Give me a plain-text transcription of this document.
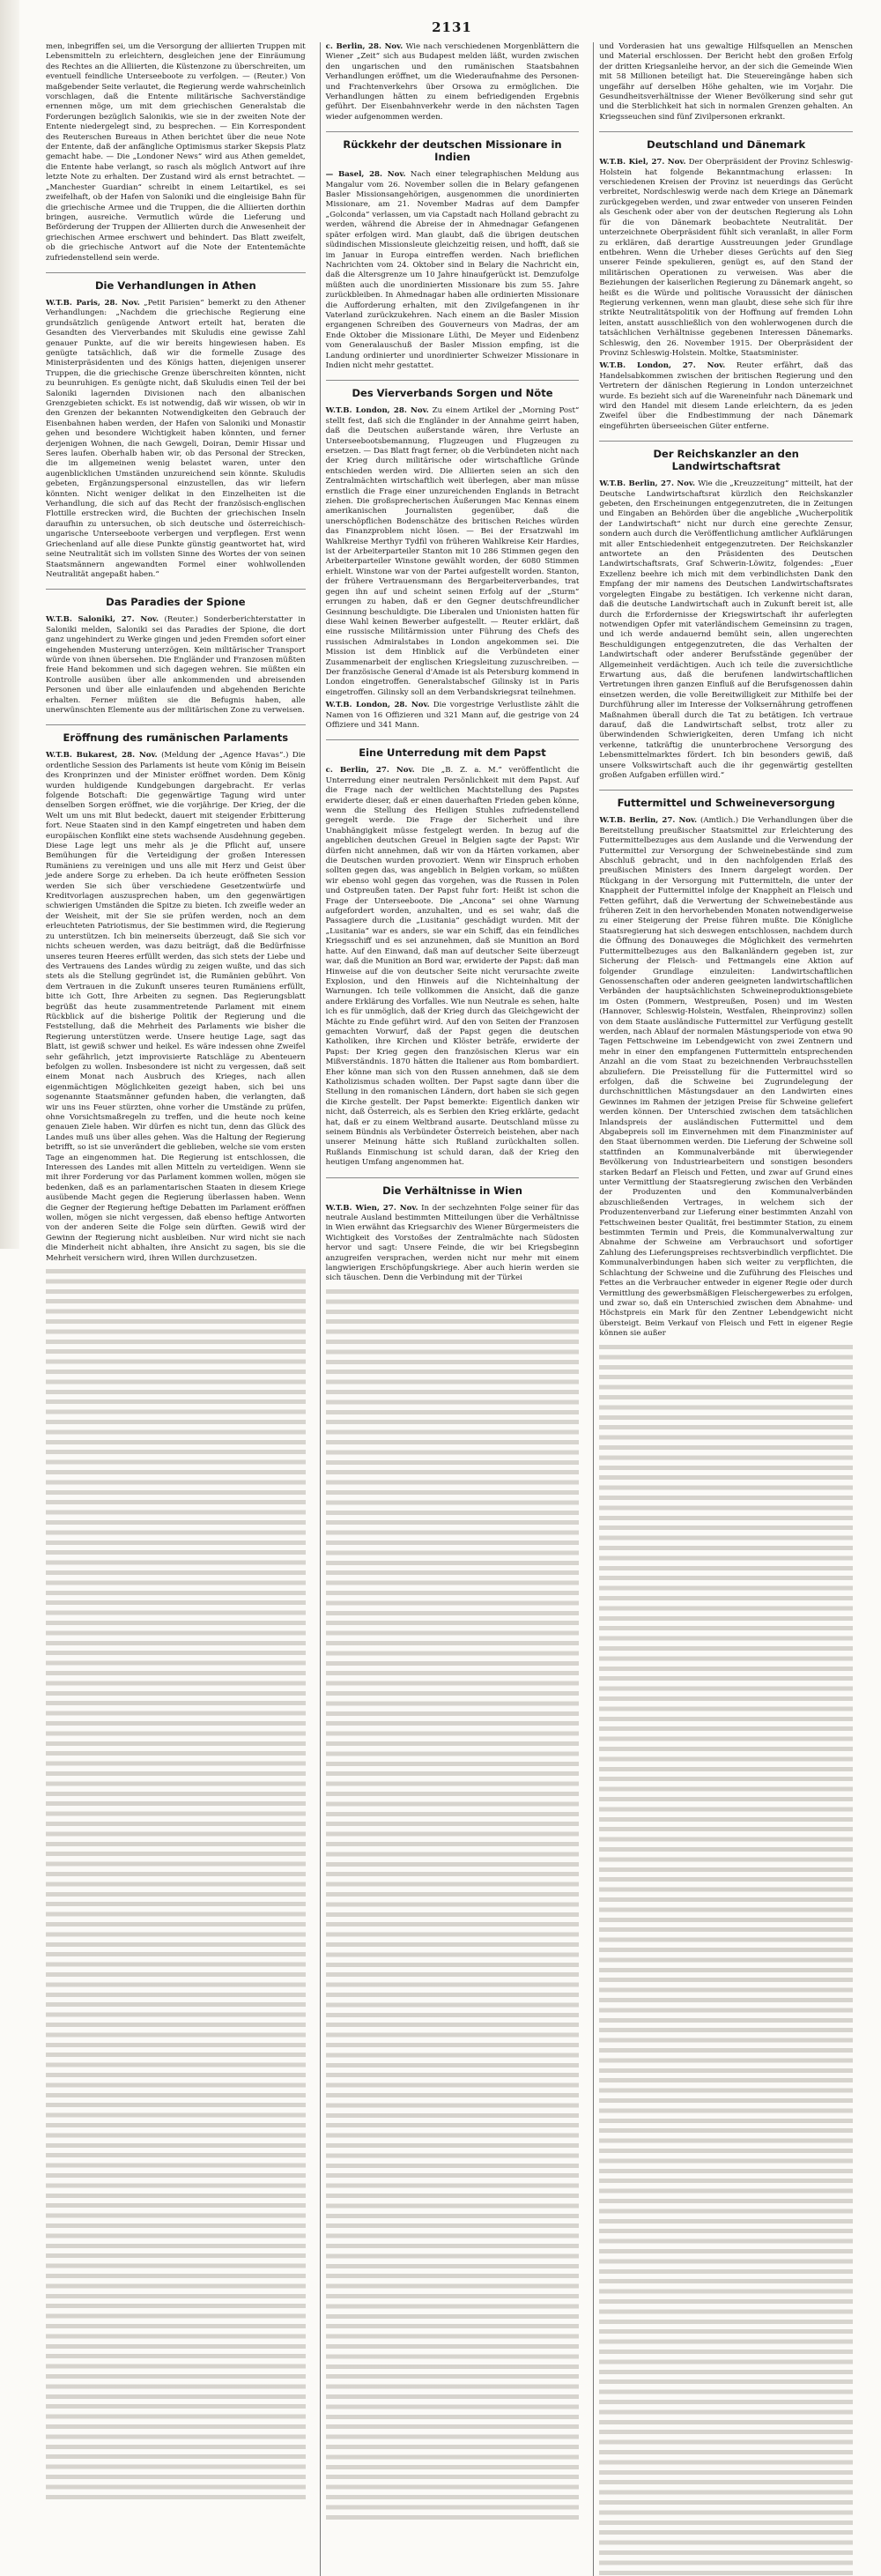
2131

men, inbegriffen sei, um die Versorgung der alliierten Truppen mit Lebensmitteln zu erleichtern, desgleichen jene der Einräumung des Rechtes an die Alliierten, die Küstenzone zu überschreiten, um eventuell feindliche Unterseeboote zu verfolgen. — (Reuter.) Von maßgebender Seite verlautet, die Regierung werde wahrscheinlich vorschlagen, daß die Entente militärische Sachverständige ernennen möge, um mit dem griechischen Generalstab die Forderungen bezüglich Salonikis, wie sie in der zweiten Note der Entente niedergelegt sind, zu besprechen. — Ein Korrespondent des Reuterschen Bureaus in Athen berichtet über die neue Note der Entente, daß der anfängliche Optimismus starker Skepsis Platz gemacht habe. — Die „Londoner News“ wird aus Athen gemeldet, die Entente habe verlangt, so rasch als möglich Antwort auf ihre letzte Note zu erhalten. Der Zustand wird als ernst betrachtet. — „Manchester Guardian“ schreibt in einem Leitartikel, es sei zweifelhaft, ob der Hafen von Saloniki und die eingleisige Bahn für die griechische Armee und die Truppen, die die Alliierten dorthin bringen, ausreiche. Vermutlich würde die Lieferung und Beförderung der Truppen der Alliierten durch die Anwesenheit der griechischen Armee erschwert und behindert. Das Blatt zweifelt, ob die griechische Antwort auf die Note der Ententemächte zufriedenstellend sein werde.

Die Verhandlungen in Athen

W.T.B. Paris, 28. Nov. „Petit Parisien“ bemerkt zu den Athener Verhandlungen: „Nachdem die griechische Regierung eine grundsätzlich genügende Antwort erteilt hat, beraten die Gesandten des Vierverbandes mit Skuludis eine gewisse Zahl genauer Punkte, auf die wir bereits hingewiesen haben. Es genügte tatsächlich, daß wir die formelle Zusage des Ministerpräsidenten und des Königs hatten, diejenigen unserer Truppen, die die griechische Grenze überschreiten könnten, nicht zu beunruhigen. Es genügte nicht, daß Skuludis einen Teil der bei Saloniki lagernden Divisionen nach den albanischen Grenzgebieten schickt. Es ist notwendig, daß wir wissen, ob wir in den Grenzen der bekannten Notwendigkeiten den Gebrauch der Eisenbahnen haben werden, der Hafen von Saloniki und Monastir gehen und besondere Wichtigkeit haben könnten, und ferner derjenigen Wohnen, die nach Gewgeli, Doiran, Demir Hissar und Seres laufen. Oberhalb haben wir, ob das Personal der Strecken, die im allgemeinen wenig belastet waren, unter den augenblicklichen Umständen unzureichend sein könnte. Skuludis gebeten, Ergänzungspersonal einzustellen, das wir liefern könnten. Nicht weniger delikat in den Einzelheiten ist die Verhandlung, die sich auf das Recht der französisch-englischen Flottille erstrecken wird, die Buchten der griechischen Inseln daraufhin zu untersuchen, ob sich deutsche und österreichisch-ungarische Unterseeboote verbergen und verpflegen. Erst wenn Griechenland auf alle diese Punkte günstig geantwortet hat, wird seine Neutralität sich im vollsten Sinne des Wortes der von seinen Staatsmännern angewandten Formel einer wohlwollenden Neutralität angepaßt haben.“

Das Paradies der Spione

W.T.B. Saloniki, 27. Nov. (Reuter.) Sonderberichterstatter in Saloniki melden, Saloniki sei das Paradies der Spione, die dort ganz ungehindert zu Werke gingen und jeden Fremden sofort einer eingehenden Musterung unterzögen. Kein militärischer Transport würde von ihnen übersehen. Die Engländer und Franzosen müßten freie Hand bekommen und sich dagegen wehren. Sie müßten ein Kontrolle ausüben über alle ankommenden und abreisenden Personen und über alle einlaufenden und abgehenden Berichte erhalten. Ferner müßten sie die Befugnis haben, alle unerwünschten Elemente aus der militärischen Zone zu verweisen.

Eröffnung des rumänischen Parlaments

W.T.B. Bukarest, 28. Nov. (Meldung der „Agence Havas“.) Die ordentliche Session des Parlaments ist heute vom König im Beisein des Kronprinzen und der Minister eröffnet worden. Dem König wurden huldigende Kundgebungen dargebracht. Er verlas folgende Botschaft: Die gegenwärtige Tagung wird unter denselben Sorgen eröffnet, wie die vorjährige. Der Krieg, der die Welt um uns mit Blut bedeckt, dauert mit steigender Erbitterung fort. Neue Staaten sind in den Kampf eingetreten und haben dem europäischen Konflikt eine stets wachsende Ausdehnung gegeben. Diese Lage legt uns mehr als je die Pflicht auf, unsere Bemühungen für die Verteidigung der großen Interessen Rumäniens zu vereinigen und uns alle mit Herz und Geist über jede andere Sorge zu erheben. Da ich heute eröffneten Session werden Sie sich über verschiedene Gesetzentwürfe und Kreditvorlagen auszusprechen haben, um den gegenwärtigen schwierigen Umständen die Spitze zu bieten. Ich zweifle weder an der Weisheit, mit der Sie sie prüfen werden, noch an dem erleuchteten Patriotismus, der Sie bestimmen wird, die Regierung zu unterstützen. Ich bin meinerseits überzeugt, daß Sie sich vor nichts scheuen werden, was dazu beiträgt, daß die Bedürfnisse unseres teuren Heeres erfüllt werden, das sich stets der Liebe und des Vertrauens des Landes würdig zu zeigen wußte, und das sich stets als die Stellung gegründet ist, die Rumänien gebührt. Von dem Vertrauen in die Zukunft unseres teuren Rumäniens erfüllt, bitte ich Gott, Ihre Arbeiten zu segnen. Das Regierungsblatt begrüßt das heute zusammentretende Parlament mit einem Rückblick auf die bisherige Politik der Regierung und die Feststellung, daß die Mehrheit des Parlaments wie bisher die Regierung unterstützen werde. Unsere heutige Lage, sagt das Blatt, ist gewiß schwer und heikel. Es wäre indessen ohne Zweifel sehr gefährlich, jetzt improvisierte Ratschläge zu Abenteuern befolgen zu wollen. Insbesondere ist nicht zu vergessen, daß seit einem Monat nach Ausbruch des Krieges, nach allen eigenmächtigen Möglichkeiten gezeigt haben, sich bei uns sogenannte Staatsmänner gefunden haben, die verlangten, daß wir uns ins Feuer stürzten, ohne vorher die Umstände zu prüfen, ohne Vorsichtsmaßregeln zu treffen, und die heute noch keine genauen Ziele haben. Wir dürfen es nicht tun, denn das Glück des Landes muß uns über alles gehen. Was die Haltung der Regierung betrifft, so ist sie unverändert die geblieben, welche sie vom ersten Tage an eingenommen hat. Die Regierung ist entschlossen, die Interessen des Landes mit allen Mitteln zu verteidigen. Wenn sie mit ihrer Forderung vor das Parlament kommen wollen, mögen sie bedenken, daß es an parlamentarischen Staaten in diesem Kriege ausübende Macht gegen die Regierung überlassen haben. Wenn die Gegner der Regierung heftige Debatten im Parlament eröffnen wollen, mögen sie nicht vergessen, daß ebenso heftige Antworten von der anderen Seite die Folge sein dürften. Gewiß wird der Gewinn der Regierung nicht ausbleiben. Nur wird nicht sie nach die Minderheit nicht abhalten, ihre Ansicht zu sagen, bis sie die Mehrheit versichern wird, ihren Willen durchzusetzen.

c. Berlin, 28. Nov. Wie nach verschiedenen Morgenblättern die Wiener „Zeit“ sich aus Budapest melden läßt, wurden zwischen den ungarischen und den rumänischen Staatsbahnen Verhandlungen eröffnet, um die Wiederaufnahme des Personen- und Frachtenverkehrs über Orsowa zu ermöglichen. Die Verhandlungen hätten zu einem befriedigenden Ergebnis geführt. Der Eisenbahnverkehr werde in den nächsten Tagen wieder aufgenommen werden.

Rückkehr der deutschen Missionare in Indien

— Basel, 28. Nov. Nach einer telegraphischen Meldung aus Mangalur vom 26. November sollen die in Belary gefangenen Basler Missionsangehörigen, ausgenommen die unordinierten Missionare, am 21. November Madras auf dem Dampfer „Golconda“ verlassen, um via Capstadt nach Holland gebracht zu werden, während die Abreise der in Ahmednagar Gefangenen später erfolgen wird. Man glaubt, daß die übrigen deutschen südindischen Missionsleute gleichzeitig reisen, und hofft, daß sie im Januar in Europa eintreffen werden. Nach brieflichen Nachrichten vom 24. Oktober sind in Belary die Nachricht ein, daß die Altersgrenze um 10 Jahre hinaufgerückt ist. Demzufolge müßten auch die unordinierten Missionare bis zum 55. Jahre zurückbleiben. In Ahmednagar haben alle ordinierten Missionare die Aufforderung erhalten, mit den Zivilgefangenen in ihr Vaterland zurückzukehren. Nach einem an die Basler Mission ergangenen Schreiben des Gouverneurs von Madras, der am Ende Oktober die Missionare Lüthi, De Meyer und Eidenbenz vom Generalauschuß der Basler Mission empfing, ist die Landung ordinierter und unordinierter Schweizer Missionare in Indien nicht mehr gestattet.

Des Vierverbands Sorgen und Nöte

W.T.B. London, 28. Nov. Zu einem Artikel der „Morning Post“ stellt fest, daß sich die Engländer in der Annahme geirrt haben, daß die Deutschen außerstande wären, ihre Verluste an Unterseebootsbemannung, Flugzeugen und Flugzeugen zu ersetzen. — Das Blatt fragt ferner, ob die Verbündeten nicht nach der Krieg durch militärische oder wirtschaftliche Gründe entschieden werden wird. Die Alliierten seien an sich den Zentralmächten wirtschaftlich weit überlegen, aber man müsse ernstlich die Frage einer unzureichenden Englands in Betracht ziehen. Die großsprecherischen Äußerungen Mac Kennas einem amerikanischen Journalisten gegenüber, daß die unerschöpflichen Bodenschätze des britischen Reiches würden das Finanzproblem nicht lösen. — Bei der Ersatzwahl im Wahlkreise Merthyr Tydfil von früheren Wahlkreise Keir Hardies, ist der Arbeiterparteiler Stanton mit 10 286 Stimmen gegen den Arbeiterparteiler Winstone gewählt worden, der 6080 Stimmen erhielt. Winstone war von der Partei aufgestellt worden. Stanton, der frühere Vertrauensmann des Bergarbeiterverbandes, trat gegen ihn auf und scheint seinen Erfolg auf der „Sturm“ errungen zu haben, daß er den Gegner deutschfreundlicher Gesinnung beschuldigte. Die Liberalen und Unionisten hatten für diese Wahl keinen Bewerber aufgestellt. — Reuter erklärt, daß eine russische Militärmission unter Führung des Chefs des russischen Admiralstabes in London angekommen sei. Die Mission ist dem Hinblick auf die Verbündeten einer Zusammenarbeit der englischen Kriegsleitung zuzuschreiben. — Der französische General d'Amade ist als Petersburg kommend in London eingetroffen. Generalstabschef Gilinsky ist in Paris eingetroffen. Gilinsky soll an dem Verbandskriegsrat teilnehmen.

W.T.B. London, 28. Nov. Die vorgestrige Verlustliste zählt die Namen von 16 Offizieren und 321 Mann auf, die gestrige von 24 Offiziere und 341 Mann.

Eine Unterredung mit dem Papst

c. Berlin, 27. Nov. Die „B. Z. a. M.“ veröffentlicht die Unterredung einer neutralen Persönlichkeit mit dem Papst. Auf die Frage nach der weltlichen Machtstellung des Papstes erwiderte dieser, daß er einen dauerhaften Frieden geben könne, wenn die Stellung des Heiligen Stuhles zufriedenstellend geregelt werde. Die Frage der Sicherheit und ihre Unabhängigkeit müsse festgelegt werden. In bezug auf die angeblichen deutschen Greuel in Belgien sagte der Papst: Wir dürfen nicht annehmen, daß wir von da Härten vorkamen, aber die Deutschen wurden provoziert. Wenn wir Einspruch erhoben sollten gegen das, was angeblich in Belgien vorkam, so müßten wir ebenso wohl gegen das vorgehen, was die Russen in Polen und Ostpreußen taten. Der Papst fuhr fort: Heißt ist schon die Frage der Unterseeboote. Die „Ancona“ sei ohne Warnung aufgefordert worden, anzuhalten, und es sei wahr, daß die Passagiere durch die „Lusitania“ geschädigt wurden. Mit der „Lusitania“ war es anders, sie war ein Schiff, das ein feindliches Kriegsschiff und es sei anzunehmen, daß sie Munition an Bord hatte. Auf den Einwand, daß man auf deutscher Seite überzeugt war, daß die Munition an Bord war, erwiderte der Papst: daß man Hinweise auf die von deutscher Seite nicht verursachte zweite Explosion, und den Hinweis auf die Nichteinhaltung der Warnungen. Ich teile vollkommen die Ansicht, daß die ganze andere Erklärung des Vorfalles. Wie nun Neutrale es sehen, halte ich es für unmöglich, daß der Krieg durch das Gleichgewicht der Mächte zu Ende geführt wird. Auf den von Seiten der Franzosen gemachten Vorwurf, daß der Papst gegen die deutschen Katholiken, ihre Kirchen und Klöster beträfe, erwiderte der Papst: Der Krieg gegen den französischen Klerus war ein Mißverständnis. 1870 hätten die Italiener aus Rom bombardiert. Eher könne man sich von den Russen annehmen, daß sie dem Katholizismus schaden wollten. Der Papst sagte dann über die Stellung in den romanischen Ländern, dort haben sie sich gegen die Kirche gestellt. Der Papst bemerkte: Eigentlich danken wir nicht, daß Österreich, als es Serbien den Krieg erklärte, gedacht hat, daß er zu einem Weltbrand ausarte. Deutschland müsse zu seinem Bündnis als Verbündeter Österreich beistehen, aber nach unserer Meinung hätte sich Rußland zurückhalten sollen. Rußlands Einmischung ist schuld daran, daß der Krieg den heutigen Umfang angenommen hat.

Die Verhältnisse in Wien

W.T.B. Wien, 27. Nov. In der sechzehnten Folge seiner für das neutrale Ausland bestimmten Mitteilungen über die Verhältnisse in Wien erwähnt das Kriegsarchiv des Wiener Bürgermeisters die Wichtigkeit des Vorstoßes der Zentralmächte nach Südosten hervor und sagt: Unsere Feinde, die wir bei Kriegsbeginn anzugreifen versprachen, werden nicht nur mehr mit einem langwierigen Erschöpfungskriege. Aber auch hierin werden sie sich täuschen. Denn die Verbindung mit der Türkei

und Vorderasien hat uns gewaltige Hilfsquellen an Menschen und Material erschlossen. Der Bericht hebt den großen Erfolg der dritten Kriegsanleihe hervor, an der sich die Gemeinde Wien mit 58 Millionen beteiligt hat. Die Steuereingänge haben sich ungefähr auf derselben Höhe gehalten, wie im Vorjahr. Die Gesundheitsverhältnisse der Wiener Bevölkerung sind sehr gut und die Sterblichkeit hat sich in normalen Grenzen gehalten. An Kriegsseuchen sind fünf Zivilpersonen erkrankt.

Deutschland und Dänemark

W.T.B. Kiel, 27. Nov. Der Oberpräsident der Provinz Schleswig-Holstein hat folgende Bekanntmachung erlassen: In verschiedenen Kreisen der Provinz ist neuerdings das Gerücht verbreitet, Nordschleswig werde nach dem Kriege an Dänemark zurückgegeben werden, und zwar entweder von unseren Feinden als Geschenk oder aber von der deutschen Regierung als Lohn für die von Dänemark beobachtete Neutralität. Der unterzeichnete Oberpräsident fühlt sich veranlaßt, in aller Form zu erklären, daß derartige Ausstreuungen jeder Grundlage entbehren. Wenn die Urheber dieses Gerüchts auf den Sieg unserer Feinde spekulieren, genügt es, auf den Stand der militärischen Operationen zu verweisen. Was aber die Beziehungen der kaiserlichen Regierung zu Dänemark angeht, so heißt es die Würde und politische Voraussicht der dänischen Regierung verkennen, wenn man glaubt, diese sehe sich für ihre strikte Neutralitätspolitik von der Hoffnung auf fremden Lohn leiten, anstatt ausschließlich von den wohlerwogenen durch die tatsächlichen Verhältnisse gegebenen Interessen Dänemarks. Schleswig, den 26. November 1915. Der Oberpräsident der Provinz Schleswig-Holstein. Moltke, Staatsminister.

W.T.B. London, 27. Nov. Reuter erfährt, daß das Handelsabkommen zwischen der britischen Regierung und den Vertretern der dänischen Regierung in London unterzeichnet wurde. Es bezieht sich auf die Wareneinfuhr nach Dänemark und wird den Handel mit diesem Lande erleichtern, da es jeden Zweifel über die Endbestimmung der nach Dänemark eingeführten überseeischen Güter entferne.

Der Reichskanzler an den Landwirtschaftsrat

W.T.B. Berlin, 27. Nov. Wie die „Kreuzzeitung“ mitteilt, hat der Deutsche Landwirtschaftsrat kürzlich den Reichskanzler gebeten, den Erscheinungen entgegenzutreten, die in Zeitungen und Eingaben an Behörden über die angebliche „Wucherpolitik der Landwirtschaft“ nicht nur durch eine gerechte Zensur, sondern auch durch die Veröffentlichung amtlicher Aufklärungen mit aller Entschiedenheit entgegenzutreten. Der Reichskanzler antwortete an den Präsidenten des Deutschen Landwirtschaftsrats, Graf Schwerin-Löwitz, folgendes: „Euer Exzellenz beehre ich mich mit dem verbindlichsten Dank den Empfang der mir namens des Deutschen Landwirtschaftsrates vorgelegten Eingabe zu bestätigen. Ich verkenne nicht daran, daß die deutsche Landwirtschaft auch in Zukunft bereit ist, alle durch die Erfordernisse der Kriegswirtschaft ihr auferlegten notwendigen Opfer mit vaterländischem Gemeinsinn zu tragen, und ich werde andauernd bemüht sein, allen ungerechten Beschuldigungen entgegenzutreten, die das Verhalten der Landwirtschaft oder anderer Berufsstände gegenüber der Allgemeinheit verdächtigen. Auch ich teile die zuversichtliche Erwartung aus, daß die berufenen landwirtschaftlichen Vertretungen ihren ganzen Einfluß auf die Berufsgenossen dahin einsetzen werden, die volle Bereitwilligkeit zur Mithilfe bei der Durchführung aller im Interesse der Volksernährung getroffenen Maßnahmen überall durch die Tat zu betätigen. Ich vertraue darauf, daß die Landwirtschaft selbst, trotz aller zu überwindenden Schwierigkeiten, deren Umfang ich nicht verkenne, tatkräftig die ununterbrochene Versorgung des Lebensmittelmarktes fördert. Ich bin besonders gewiß, daß unsere Volkswirtschaft auch die ihr gegenwärtig gestellten großen Aufgaben erfüllen wird.“

Futtermittel und Schweineversorgung

W.T.B. Berlin, 27. Nov. (Amtlich.) Die Verhandlungen über die Bereitstellung preußischer Staatsmittel zur Erleichterung des Futtermittelbezuges aus dem Auslande und die Verwendung der Futtermittel zur Versorgung der Schweinebestände sind zum Abschluß gebracht, und in den nachfolgenden Erlaß des preußischen Ministers des Innern dargelegt worden. Der Rückgang in der Versorgung mit Futtermitteln, die unter der Knappheit der Futtermittel infolge der Knappheit an Fleisch und Fetten geführt, daß die Verwertung der Schweinebestände aus früheren Zeit in den hervorhebenden Monaten notwendigerweise zu einer Steigerung der Preise führen mußte. Die Königliche Staatsregierung hat sich deswegen entschlossen, nachdem durch die Öffnung des Donauweges die Möglichkeit des vermehrten Futtermittelbezuges aus den Balkanländern gegeben ist, zur Sicherung der Fleisch- und Fettmangels eine Aktion auf folgender Grundlage einzuleiten: Landwirtschaftlichen Genossenschaften oder anderen geeigneten landwirtschaftlichen Verbänden der hauptsächlichsten Schweineproduktionsgebiete im Osten (Pommern, Westpreußen, Posen) und im Westen (Hannover, Schleswig-Holstein, Westfalen, Rheinprovinz) sollen von dem Staate ausländische Futtermittel zur Verfügung gestellt werden, nach Ablauf der normalen Mästungsperiode von etwa 90 Tagen Fettschweine im Lebendgewicht von zwei Zentnern und mehr in einer den empfangenen Futtermitteln entsprechenden Anzahl an die vom Staat zu bezeichnenden Verbrauchsstellen abzuliefern. Die Preisstellung für die Futtermittel wird so erfolgen, daß die Schweine bei Zugrundelegung der durchschnittlichen Mästungsdauer an den Landwirten eines Gewinnes im Rahmen der jetzigen Preise für Schweine geliefert werden können. Der Unterschied zwischen dem tatsächlichen Inlandspreis der ausländischen Futtermittel und dem Abgabepreis soll im Einvernehmen mit dem Finanzminister auf den Staat übernommen werden. Die Lieferung der Schweine soll stattfinden an Kommunalverbände mit überwiegender Bevölkerung von Industriearbeitern und sonstigen besonders starken Bedarf an Fleisch und Fetten, und zwar auf Grund eines unter Vermittlung der Staatsregierung zwischen den Verbänden der Produzenten und den Kommunalverbänden abzuschließenden Vertrages, in welchem sich der Produzentenverband zur Lieferung einer bestimmten Anzahl von Fettschweinen bester Qualität, frei bestimmter Station, zu einem bestimmten Termin und Preis, die Kommunalverwaltung zur Abnahme der Schweine am Verbrauchsort und sofortiger Zahlung des Lieferungspreises rechtsverbindlich verpflichtet. Die Kommunalverbindungen haben sich weiter zu verpflichten, die Schlachtung der Schweine und die Zuführung des Fleisches und Fettes an die Verbraucher entweder in eigener Regie oder durch Vermittlung des gewerbsmäßigen Fleischergewerbes zu erfolgen, und zwar so, daß ein Unterschied zwischen dem Abnahme- und Höchstpreis ein Mark für den Zentner Lebendgewicht nicht übersteigt. Beim Verkauf von Fleisch und Fett in eigener Regie können sie außer
